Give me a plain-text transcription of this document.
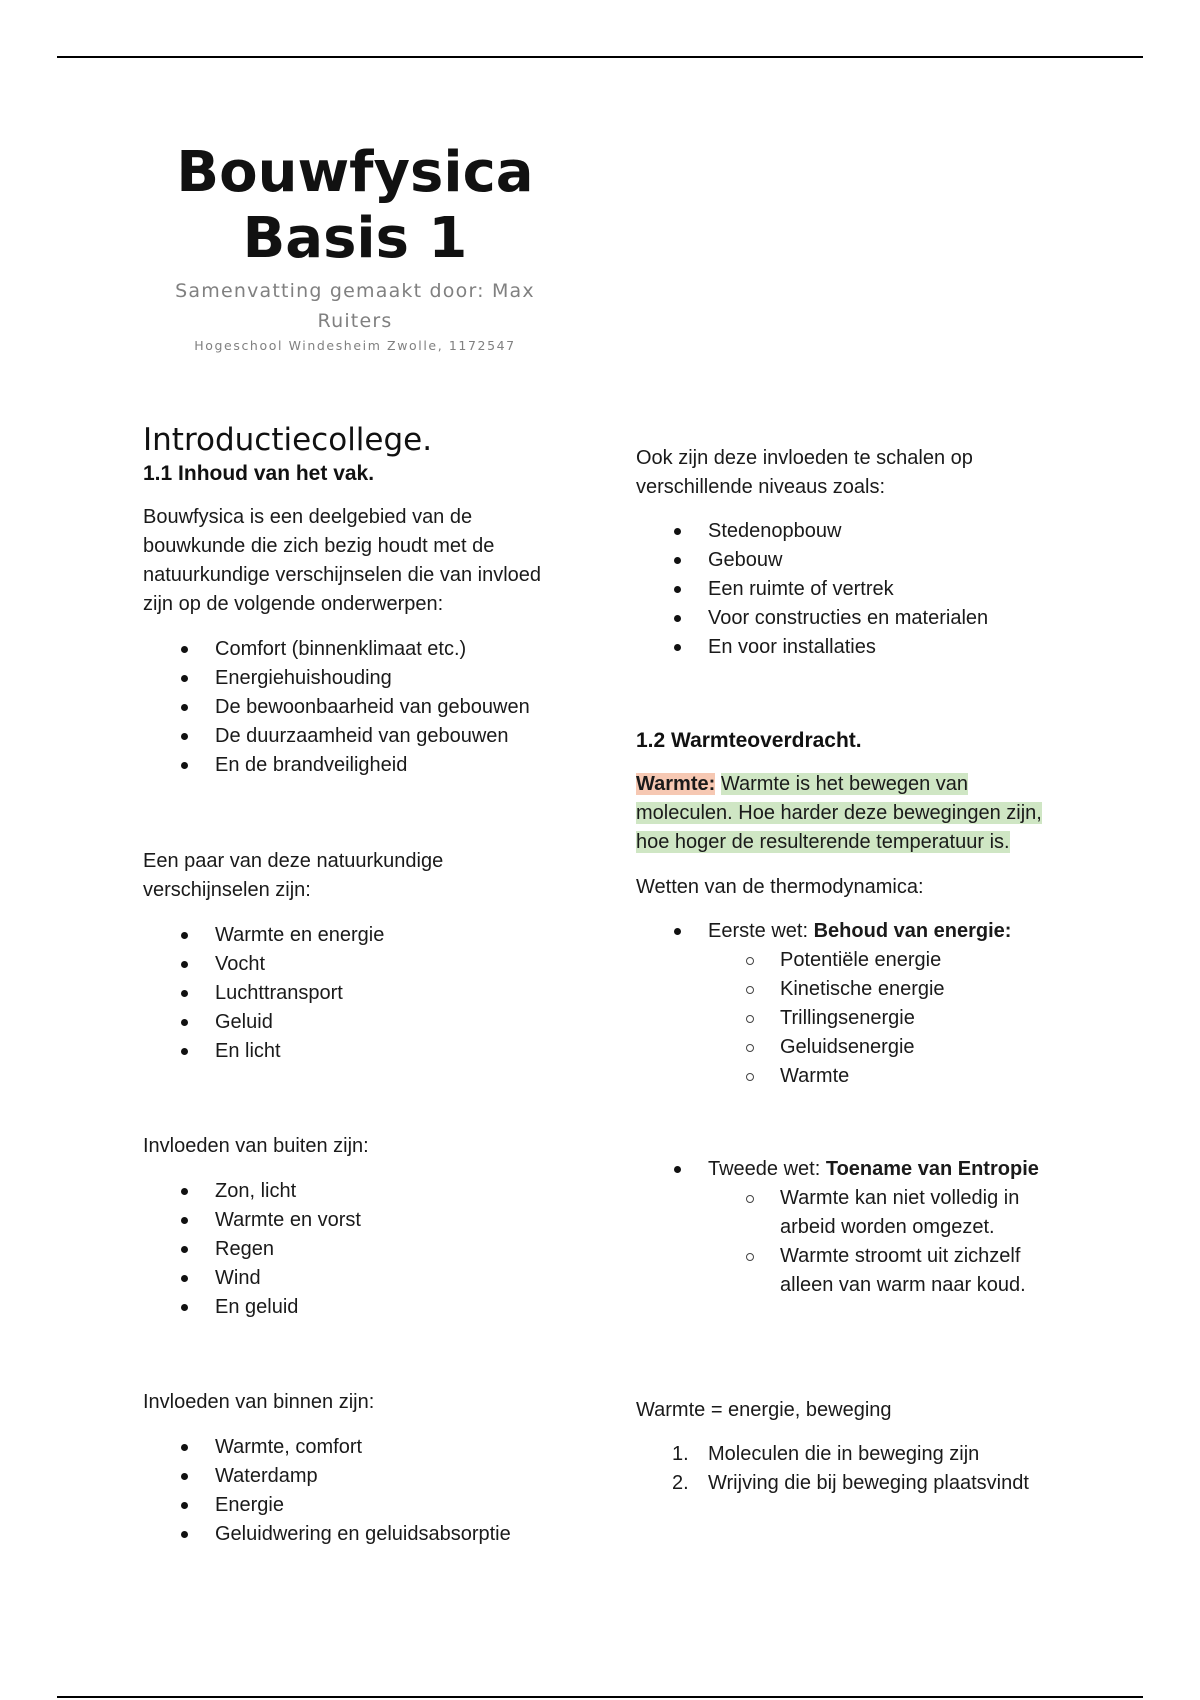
Bouwfysica
Basis 1
Samenvatting gemaakt door: Max
Ruiters
Hogeschool Windesheim Zwolle, 1172547
Introductiecollege.
1.1 Inhoud van het vak.

Bouwfysica is een deelgebied van de bouwkunde die zich bezig houdt met de natuurkundige verschijnselen die van invloed zijn op de volgende onderwerpen:

Comfort (binnenklimaat etc.)
Energiehuishouding
De bewoonbaarheid van gebouwen
De duurzaamheid van gebouwen
En de brandveiligheid

Een paar van deze natuurkundige verschijnselen zijn:

Warmte en energie
Vocht
Luchttransport
Geluid
En licht

Invloeden van buiten zijn:

Zon, licht
Warmte en vorst
Regen
Wind
En geluid

Invloeden van binnen zijn:

Warmte, comfort
Waterdamp
Energie
Geluidwering en geluidsabsorptie

Ook zijn deze invloeden te schalen op verschillende niveaus zoals:

Stedenopbouw
Gebouw
Een ruimte of vertrek
Voor constructies en materialen
En voor installaties
1.2 Warmteoverdracht.

Warmte: Warmte is het bewegen van moleculen. Hoe harder deze bewegingen zijn, hoe hoger de resulterende temperatuur is.

Wetten van de thermodynamica:

Eerste wet: Behoud van energie:
Potentiële energie
Kinetische energie
Trillingsenergie
Geluidsenergie
Warmte
Tweede wet: Toename van Entropie
Warmte kan niet volledig in arbeid worden omgezet.
Warmte stroomt uit zichzelf alleen van warm naar koud.

Warmte = energie, beweging

1. Moleculen die in beweging zijn
2. Wrijving die bij beweging plaatsvindt
